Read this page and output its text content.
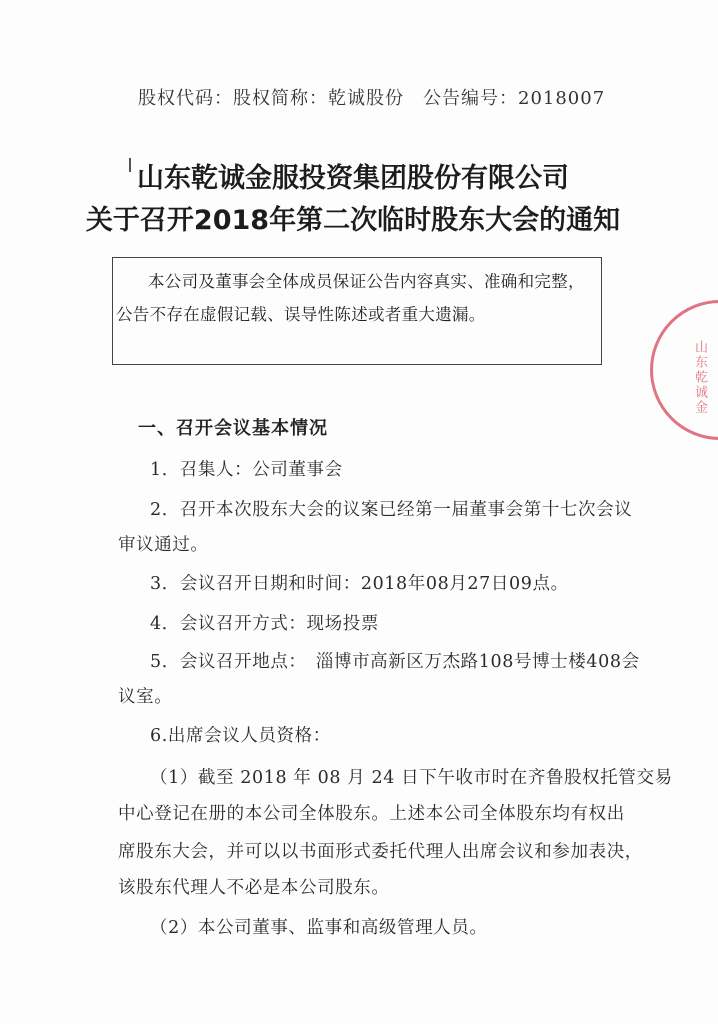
股权代码：股权简称：乾诚股份　公告编号：2018007
山东乾诚金服投资集团股份有限公司
关于召开2018年第二次临时股东大会的通知
本公司及董事会全体成员保证公告内容真实、准确和完整，
公告不存在虚假记载、误导性陈述或者重大遗漏。
一、召开会议基本情况
1．召集人：公司董事会
2．召开本次股东大会的议案已经第一届董事会第十七次会议
审议通过。
3．会议召开日期和时间：2018年08月27日09点。
4．会议召开方式：现场投票
5．会议召开地点：　淄博市高新区万杰路108号博士楼408会
议室。
6.出席会议人员资格：
（1）截至 2018 年 08 月 24 日下午收市时在齐鲁股权托管交易
中心登记在册的本公司全体股东。上述本公司全体股东均有权出
席股东大会，并可以以书面形式委托代理人出席会议和参加表决，
该股东代理人不必是本公司股东。
（2）本公司董事、监事和高级管理人员。
山东乾诚金
